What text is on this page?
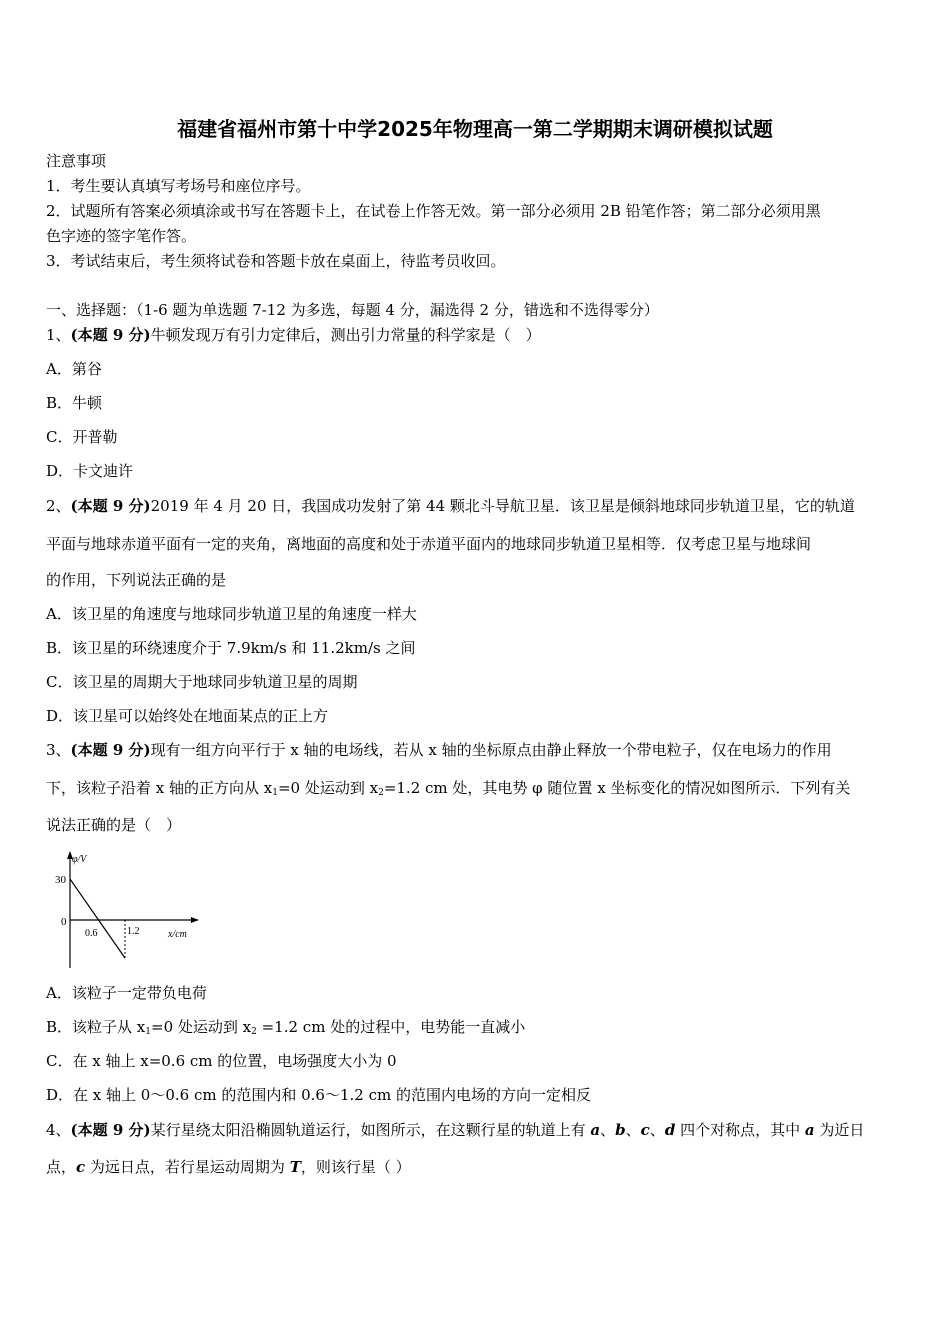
福建省福州市第十中学2025年物理高一第二学期期末调研模拟试题
注意事项
1．考生要认真填写考场号和座位序号。
2．试题所有答案必须填涂或书写在答题卡上，在试卷上作答无效。第一部分必须用 2B 铅笔作答；第二部分必须用黑
色字迹的签字笔作答。
3．考试结束后，考生须将试卷和答题卡放在桌面上，待监考员收回。
一、选择题：（1-6 题为单选题 7-12 为多选，每题 4 分，漏选得 2 分，错选和不选得零分）
1、(本题 9 分)牛顿发现万有引力定律后，测出引力常量的科学家是（　）
A．第谷
B．牛顿
C．开普勒
D．卡文迪许
2、(本题 9 分)2019 年 4 月 20 日，我国成功发射了第 44 颗北斗导航卫星．该卫星是倾斜地球同步轨道卫星，它的轨道
平面与地球赤道平面有一定的夹角，离地面的高度和处于赤道平面内的地球同步轨道卫星相等．仅考虑卫星与地球间
的作用，下列说法正确的是
A．该卫星的角速度与地球同步轨道卫星的角速度一样大
B．该卫星的环绕速度介于 7.9km/s 和 11.2km/s 之间
C．该卫星的周期大于地球同步轨道卫星的周期
D．该卫星可以始终处在地面某点的正上方
3、(本题 9 分)现有一组方向平行于 x 轴的电场线，若从 x 轴的坐标原点由静止释放一个带电粒子，仅在电场力的作用
下，该粒子沿着 x 轴的正方向从 $x_1=0$ 处运动到 $x_2=1.2$ cm 处，其电势 φ 随位置 x 坐标变化的情况如图所示．下列有关
说法正确的是（　）
φ/V
30
0
0.6	1.2	x/cm
A．该粒子一定带负电荷
B．该粒子从 $x_1=0$ 处运动到 $x_2 =1.2$ cm 处的过程中，电势能一直减小
C．在 x 轴上 x=0.6 cm 的位置，电场强度大小为 0
D．在 x 轴上 0～0.6 cm 的范围内和 0.6～1.2 cm 的范围内电场的方向一定相反
4、(本题 9 分)某行星绕太阳沿椭圆轨道运行，如图所示，在这颗行星的轨道上有 a、b、c、d 四个对称点，其中 a 为近日
点，c 为远日点，若行星运动周期为 T，则该行星（ ）
